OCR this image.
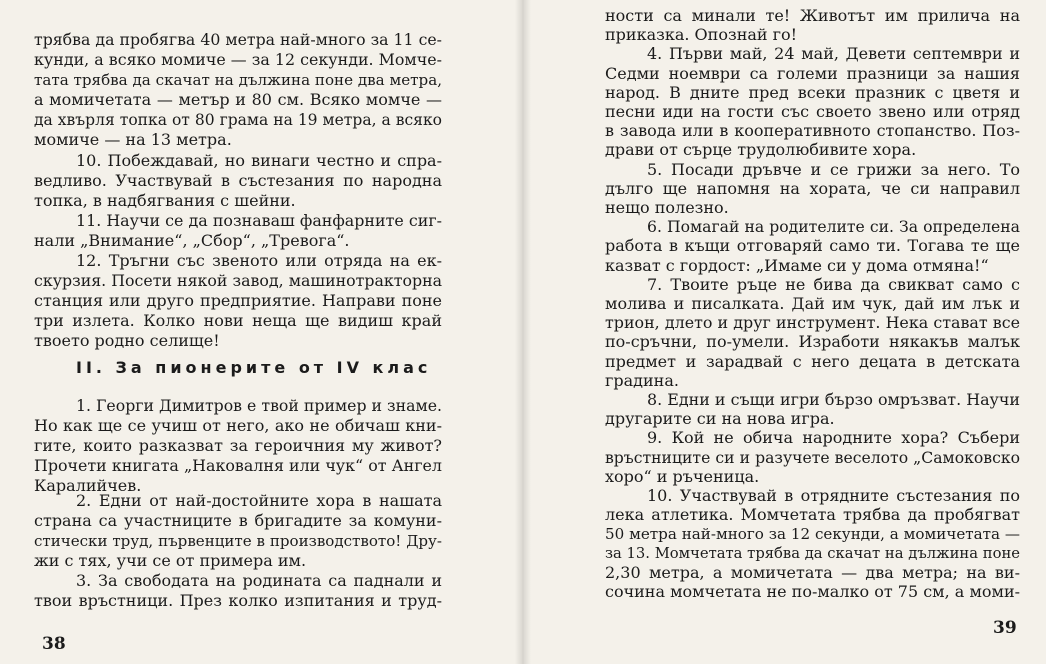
трябва да пробягва 40 метра най-много за 11 се-
кунди, а всяко момиче — за 12 секунди. Момче-
тата трябва да скачат на дължина поне два метра,
а момичетата — метър и 80 см. Всяко момче —
да хвърля топка от 80 грама на 19 метра, а всяко
момиче — на 13 метра.
10. Побеждавай, но винаги честно и спра-
ведливо. Участвувай в състезания по народна
топка, в надбягвания с шейни.
11. Научи се да познаваш фанфарните сиг-
нали „Внимание“, „Сбор“, „Тревога“.
12. Тръгни със звеното или отряда на ек-
скурзия. Посети някой завод, машинотракторна
станция или друго предприятие. Направи поне
три излета. Колко нови неща ще видиш край
твоето родно селище!
II. За пионерите от IV клас
1. Георги Димитров е твой пример и знаме.
Но как ще се учиш от него, ако не обичаш кни-
гите, които разказват за героичния му живот?
Прочети книгата „Наковалня или чук“ от Ангел
Каралийчев.
2. Едни от най-достойните хора в нашата
страна са участниците в бригадите за комуни-
стически труд, първенците в производството! Дру-
жи с тях, учи се от примера им.
3. За свободата на родината са паднали и
твои връстници. През колко изпитания и труд-
38
ности са минали те! Животът им прилича на
приказка. Опознай го!
4. Първи май, 24 май, Девети септември и
Седми ноември са големи празници за нашия
народ. В дните пред всеки празник с цветя и
песни иди на гости със своето звено или отряд
в завода или в кооперативното стопанство. Поз-
драви от сърце трудолюбивите хора.
5. Посади дръвче и се грижи за него. То
дълго ще напомня на хората, че си направил
нещо полезно.
6. Помагай на родителите си. За определена
работа в къщи отговаряй само ти. Тогава те ще
казват с гордост: „Имаме си у дома отмяна!“
7. Твоите ръце не бива да свикват само с
молива и писалката. Дай им чук, дай им лък и
трион, длето и друг инструмент. Нека стават все
по-сръчни, по-умели. Изработи някакъв малък
предмет и зарадвай с него децата в детската
градина.
8. Едни и същи игри бързо омръзват. Научи
другарите си на нова игра.
9. Кой не обича народните хора? Събери
връстниците си и разучете веселото „Самоковско
хоро“ и ръченица.
10. Участвувай в отрядните състезания по
лека атлетика. Момчетата трябва да пробягват
50 метра най-много за 12 секунди, а момичетата —
за 13. Момчетата трябва да скачат на дължина поне
2,30 метра, а момичетата — два метра; на ви-
сочина момчетата не по-малко от 75 см, а моми-
39
